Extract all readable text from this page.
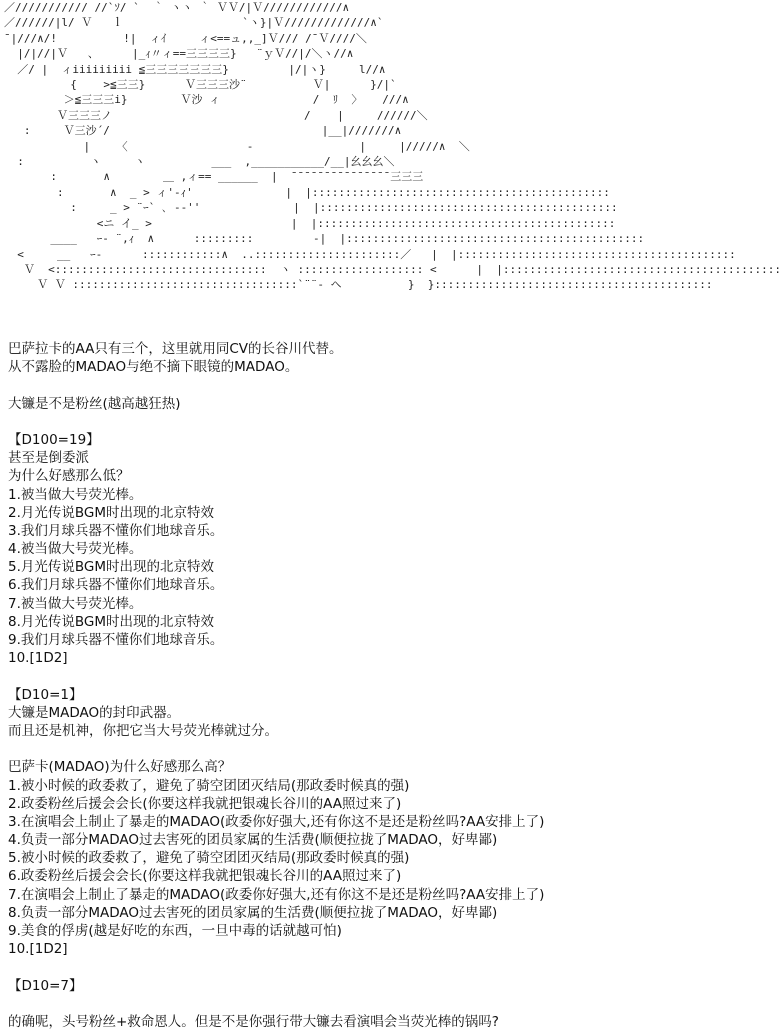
／/////////// //`ｿ/ `  ｀ ヽヽ ｀ ＶＶ/|Ｖ////////////∧
／//////|l/ Ｖ   ｌ                  `ヽ}|Ｖ/////////////∧`
¯|///∧/!          !|  ィｲ     ィ<==ュ,,_]Ｖ/// /¯Ｖ////＼
|/|//|Ｖ   、     |_ｨ〃ィ==三三三三}   ¨ｙＶ//|/＼ヽ//∧
／/ |  ィiiiiiiiii ≦三三三三三三三}         |/|ヽ}     l//∧
{    >≦三三}      Ｖ三三三沙¨          Ｖ|      }/|`
＞≦三三三i}        Ｖ沙 ィ              /  ﾘ  〉   ///∧
Ｖ三三三ノ                             /    |     //////＼
:     Ｖ三沙´/                                |__|///////∧
|    〈                  -                |     |/////∧  ＼
:          ヽ     ヽ          ___  ,___________/__|幺幺幺＼
:       ∧        ＿ ,ィ== ______  |  ¯¯¯¯¯¯¯¯¯¯¯¯¯¯¯三三三
:       ∧  _ > ィ'-ｨ'              |  |:::::::::::::::::::::::::::::::::::::::::::::
:     _ > ¨ｰ` ､ --''              |  |:::::::::::::::::::::::::::::::::::::::::::::
<ニ イ_ >                     |  |:::::::::::::::::::::::::::::::::::::::::::::
____   ｰ- ¨,ｨ  ∧      :::::::::         -|  |:::::::::::::::::::::::::::::::::::::::::::::
<     __   ｰ-      ::::::::::::∧  ..::::::::::::::::::::::／   |  |::::::::::::::::::::::::::::::::::::::::::
Ｖ  <::::::::::::::::::::::::::::::::  ヽ ::::::::::::::::::: <      |  |::::::::::::::::::::::::::::::::::::::::::
Ｖ Ｖ ::::::::::::::::::::::::::::::::::`¨¨- ヘ          }  }::::::::::::::::::::::::::::::::::::::::::
巴萨拉卡的AA只有三个，这里就用同CV的长谷川代替。
从不露脸的MADAO与绝不摘下眼镜的MADAO。
大镰是不是粉丝(越高越狂热)
【D100=19】
甚至是倒委派
为什么好感那么低？
1.被当做大号荧光棒。
2.月光传说BGM时出现的北京特效
3.我们月球兵器不懂你们地球音乐。
4.被当做大号荧光棒。
5.月光传说BGM时出现的北京特效
6.我们月球兵器不懂你们地球音乐。
7.被当做大号荧光棒。
8.月光传说BGM时出现的北京特效
9.我们月球兵器不懂你们地球音乐。
10.[1D2]
【D10=1】
大镰是MADAO的封印武器。
而且还是机神，你把它当大号荧光棒就过分。
巴萨卡(MADAO)为什么好感那么高？
1.被小时候的政委救了，避免了骑空团团灭结局(那政委时候真的强)
2.政委粉丝后援会会长(你要这样我就把银魂长谷川的AA照过来了)
3.在演唱会上制止了暴走的MADAO(政委你好强大,还有你这不是还是粉丝吗?AA安排上了)
4.负责一部分MADAO过去害死的团员家属的生活费(顺便拉拢了MADAO，好卑鄙)
5.被小时候的政委救了，避免了骑空团团灭结局(那政委时候真的强)
6.政委粉丝后援会会长(你要这样我就把银魂长谷川的AA照过来了)
7.在演唱会上制止了暴走的MADAO(政委你好强大,还有你这不是还是粉丝吗?AA安排上了)
8.负责一部分MADAO过去害死的团员家属的生活费(顺便拉拢了MADAO，好卑鄙)
9.美食的俘虏(越是好吃的东西，一旦中毒的话就越可怕)
10.[1D2]
【D10=7】
的确呢，头号粉丝+救命恩人。但是不是你强行带大镰去看演唱会当荧光棒的锅吗?
